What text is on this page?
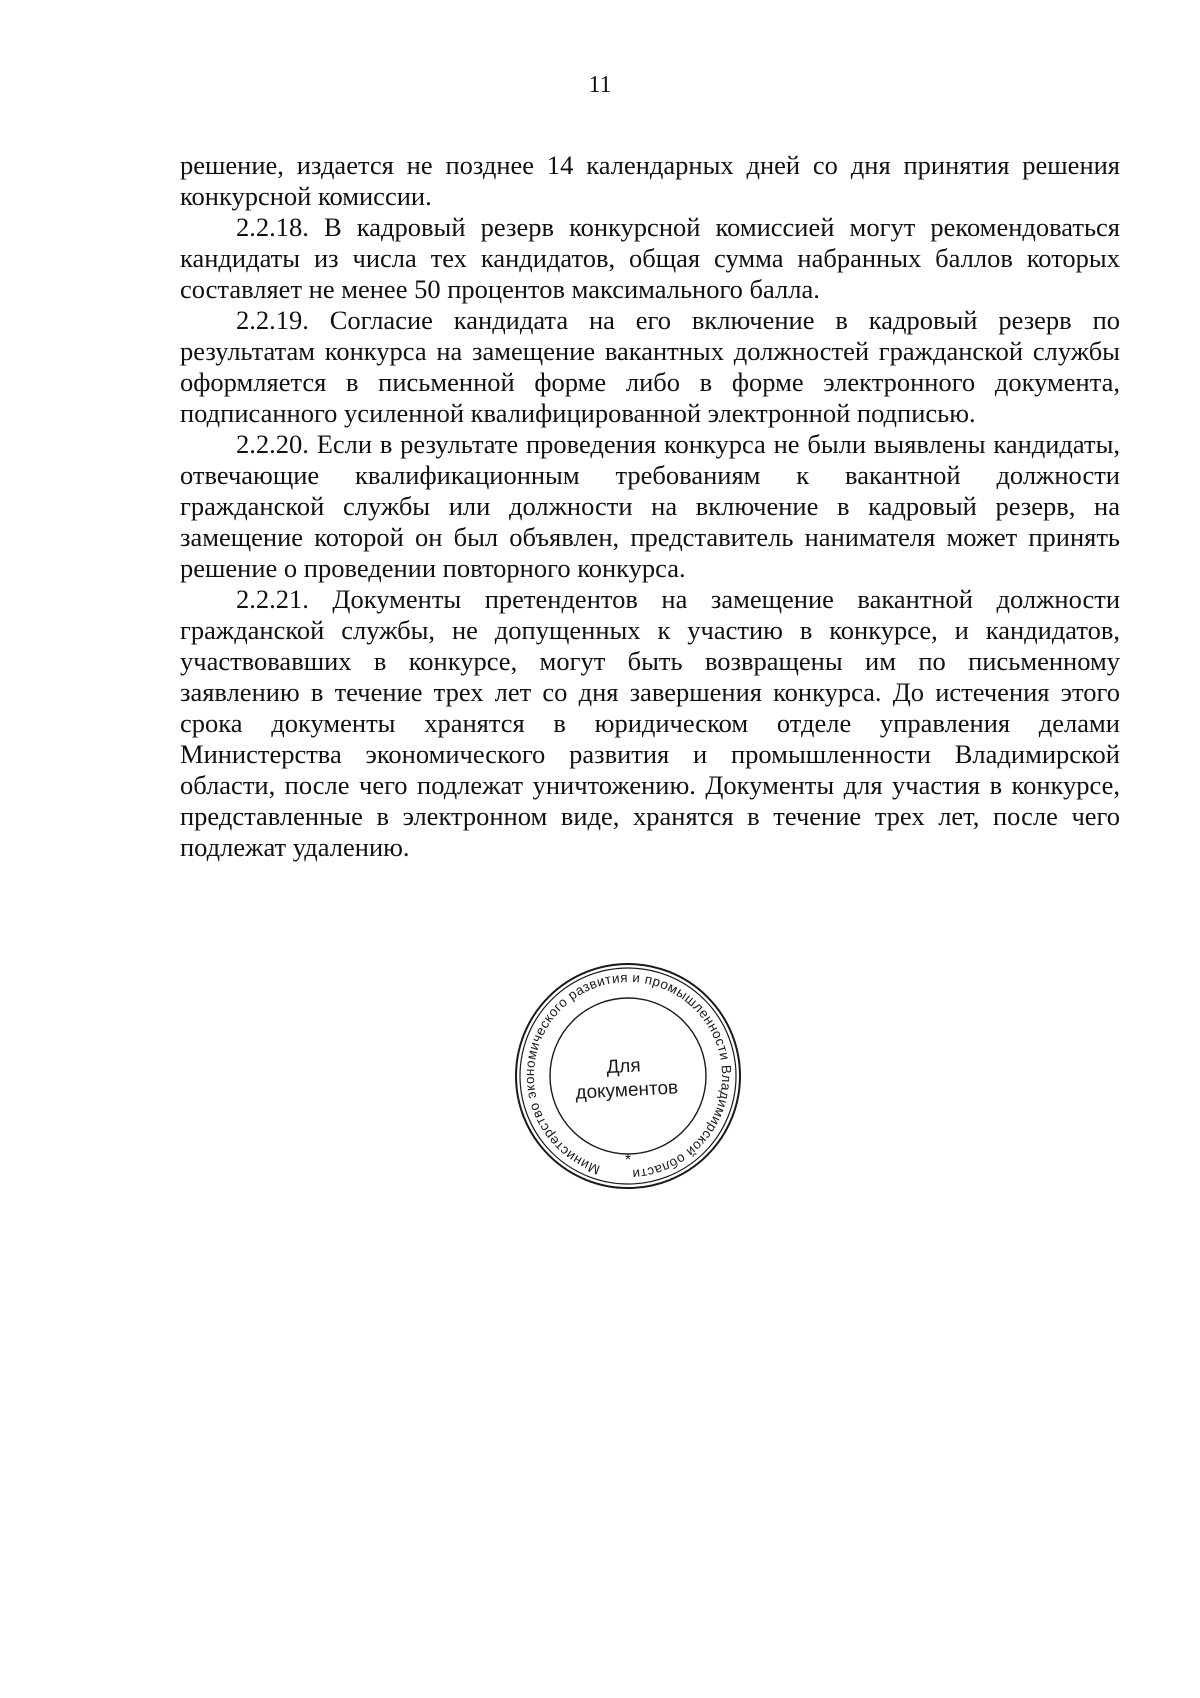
11

решение, издается не позднее 14 календарных дней со дня принятия решения конкурсной комиссии.

2.2.18. В кадровый резерв конкурсной комиссией могут рекомендоваться кандидаты из числа тех кандидатов, общая сумма набранных баллов которых составляет не менее 50 процентов максимального балла.

2.2.19. Согласие кандидата на его включение в кадровый резерв по результатам конкурса на замещение вакантных должностей гражданской службы оформляется в письменной форме либо в форме электронного документа, подписанного усиленной квалифицированной электронной подписью.

2.2.20. Если в результате проведения конкурса не были выявлены кандидаты, отвечающие квалификационным требованиям к вакантной должности гражданской службы или должности на включение в кадровый резерв, на замещение которой он был объявлен, представитель нанимателя может принять решение о проведении повторного конкурса.

2.2.21. Документы претендентов на замещение вакантной должности гражданской службы, не допущенных к участию в конкурсе, и кандидатов, участвовавших в конкурсе, могут быть возвращены им по письменному заявлению в течение трех лет со дня завершения конкурса. До истечения этого срока документы хранятся в юридическом отделе управления делами Министерства экономического развития и промышленности Владимирской области, после чего подлежат уничтожению. Документы для участия в конкурсе, представленные в электронном виде, хранятся в течение трех лет, после чего подлежат удалению.

Министерство экономического развития и промышленности Владимирской области
*
Для
документов
